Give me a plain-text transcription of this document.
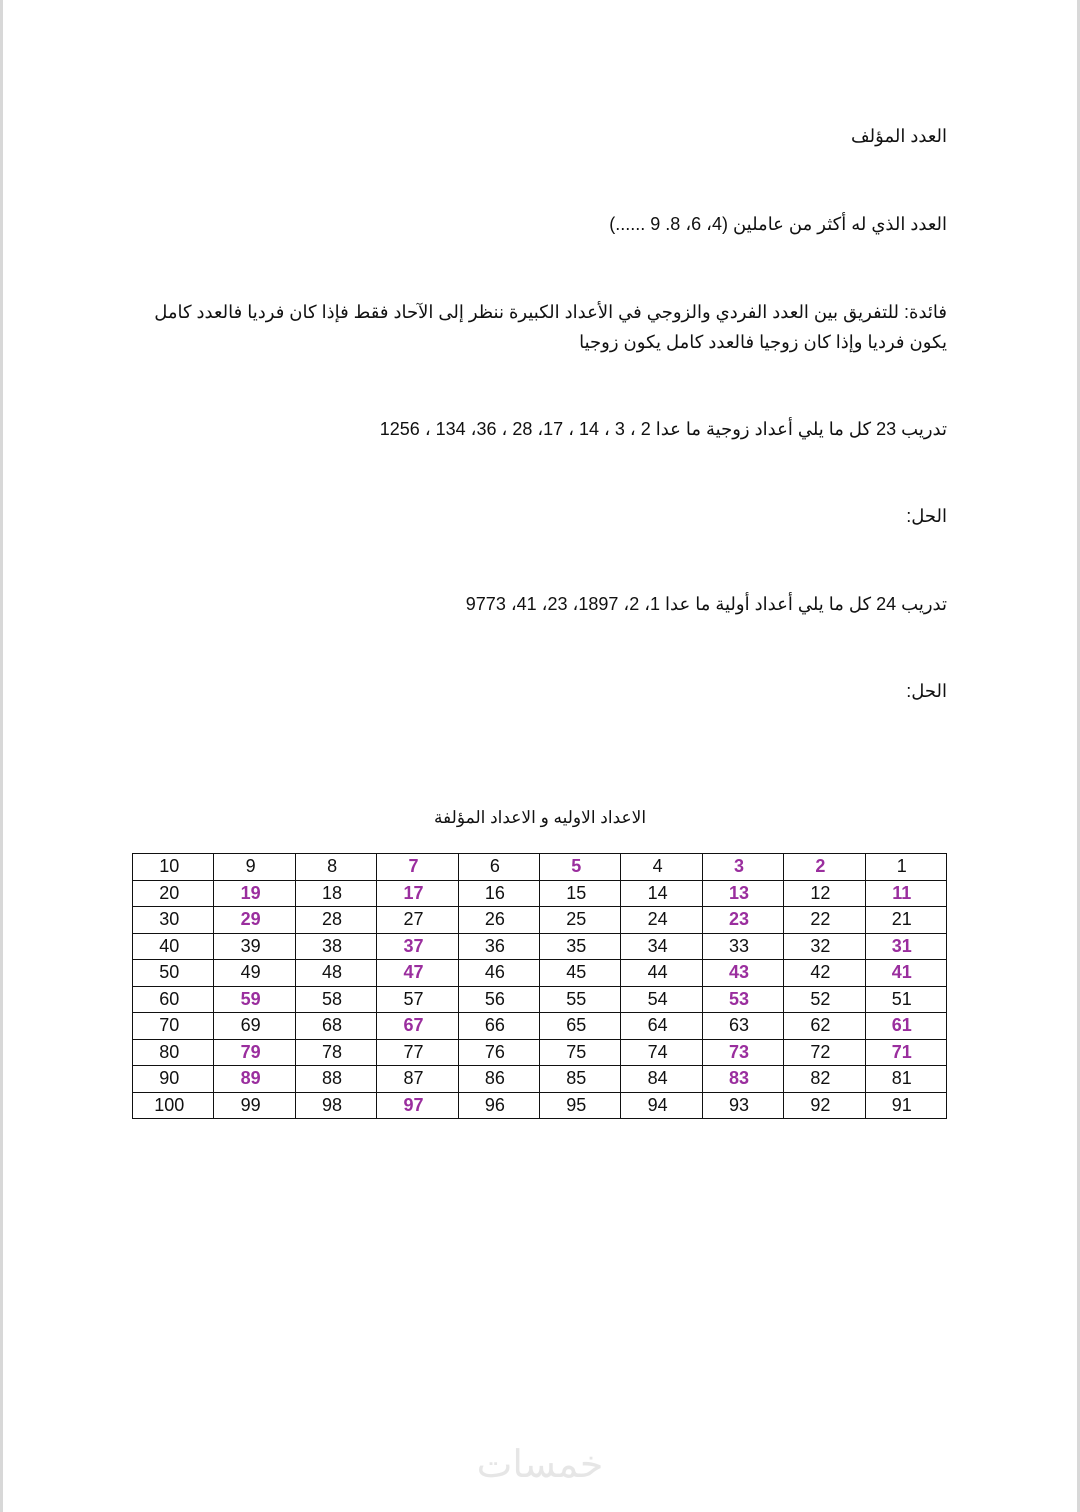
العدد المؤلف
العدد الذي له أكثر من عاملين (4، 6، 8. 9 ......)
فائدة: للتفريق بين العدد الفردي والزوجي في الأعداد الكبيرة ننظر إلى الآحاد فقط فإذا كان فرديا فالعدد كامل يكون فرديا وإذا كان زوجيا فالعدد كامل يكون زوجيا
تدريب 23 كل ما يلي أعداد زوجية ما عدا 2 ، 3 ، 14 ، 17، 28 ، 36، 134 ، 1256
الحل:
تدريب 24 كل ما يلي أعداد أولية ما عدا 1، 2، 1897، 23، 41، 9773
الحل:
الاعداد الاوليه و الاعداد المؤلفة
1	2	3	4	5	6	7	8	9	10
11	12	13	14	15	16	17	18	19	20
21	22	23	24	25	26	27	28	29	30
31	32	33	34	35	36	37	38	39	40
41	42	43	44	45	46	47	48	49	50
51	52	53	54	55	56	57	58	59	60
61	62	63	64	65	66	67	68	69	70
71	72	73	74	75	76	77	78	79	80
81	82	83	84	85	86	87	88	89	90
91	92	93	94	95	96	97	98	99	100
خمسات
